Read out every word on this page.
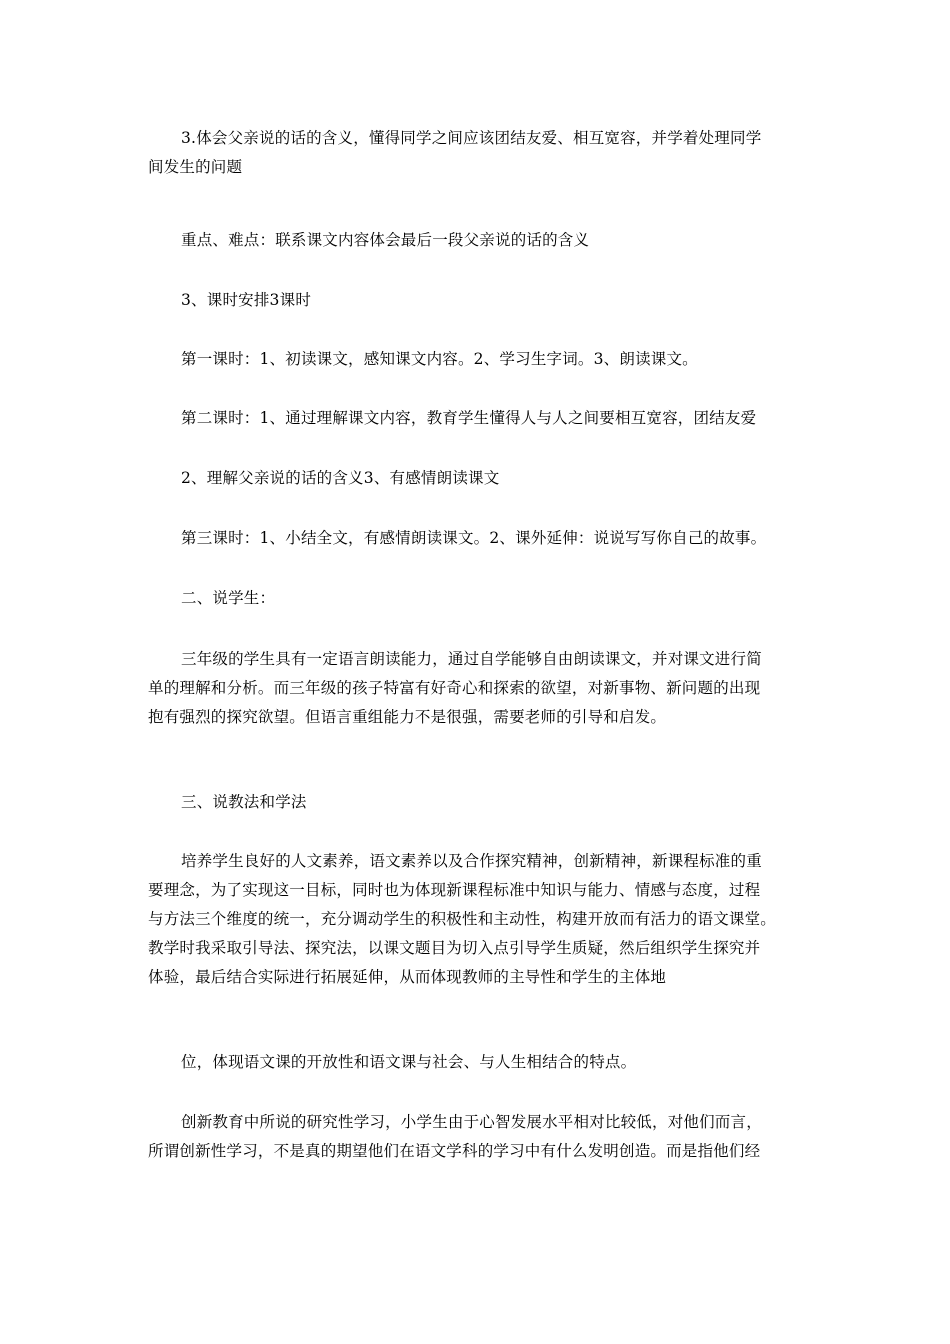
3.体会父亲说的话的含义，懂得同学之间应该团结友爱、相互宽容，并学着处理同学
间发生的问题
重点、难点：联系课文内容体会最后一段父亲说的话的含义
3、课时安排3课时
第一课时：1、初读课文，感知课文内容。2、学习生字词。3、朗读课文。
第二课时：1、通过理解课文内容，教育学生懂得人与人之间要相互宽容，团结友爱
2、理解父亲说的话的含义3、有感情朗读课文
第三课时：1、小结全文，有感情朗读课文。2、课外延伸：说说写写你自己的故事。
二、说学生：
三年级的学生具有一定语言朗读能力，通过自学能够自由朗读课文，并对课文进行简
单的理解和分析。而三年级的孩子特富有好奇心和探索的欲望，对新事物、新问题的出现
抱有强烈的探究欲望。但语言重组能力不是很强，需要老师的引导和启发。
三、说教法和学法
培养学生良好的人文素养，语文素养以及合作探究精神，创新精神，新课程标准的重
要理念，为了实现这一目标，同时也为体现新课程标准中知识与能力、情感与态度，过程
与方法三个维度的统一，充分调动学生的积极性和主动性，构建开放而有活力的语文课堂。
教学时我采取引导法、探究法，以课文题目为切入点引导学生质疑，然后组织学生探究并
体验，最后结合实际进行拓展延伸，从而体现教师的主导性和学生的主体地
位，体现语文课的开放性和语文课与社会、与人生相结合的特点。
创新教育中所说的研究性学习，小学生由于心智发展水平相对比较低，对他们而言，
所谓创新性学习，不是真的期望他们在语文学科的学习中有什么发明创造。而是指他们经
